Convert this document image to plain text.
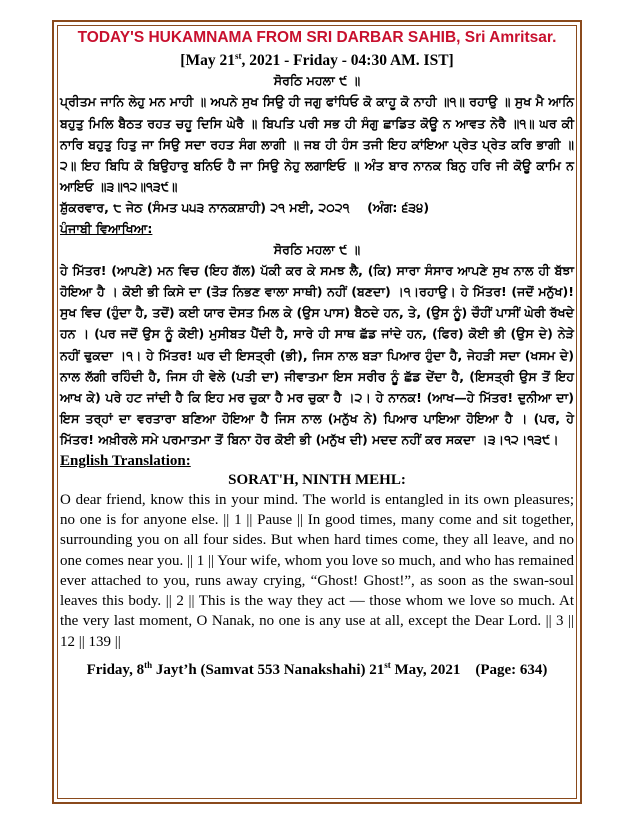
TODAY'S HUKAMNAMA FROM SRI DARBAR SAHIB, Sri Amritsar.

[May 21st, 2021 - Friday - 04:30 AM. IST]

ਸੋਰਠਿ ਮਹਲਾ ੯ ॥

ਪ੍ਰੀਤਮ ਜਾਨਿ ਲੇਹੁ ਮਨ ਮਾਹੀ ॥ ਅਪਨੇ ਸੁਖ ਸਿਉ ਹੀ ਜਗੁ ਫਾਂਧਿਓ ਕੋ ਕਾਹੂ ਕੋ ਨਾਹੀ ॥੧॥ ਰਹਾਉ ॥ ਸੁਖ ਮੈ ਆਨਿ ਬਹੁਤੁ ਮਿਲਿ ਬੈਠਤ ਰਹਤ ਚਹੂ ਦਿਸਿ ਘੇਰੈ ॥ ਬਿਪਤਿ ਪਰੀ ਸਭ ਹੀ ਸੰਗੁ ਛਾਡਿਤ ਕੋਊ ਨ ਆਵਤ ਨੇਰੈ ॥੧॥ ਘਰ ਕੀ ਨਾਰਿ ਬਹੁਤੁ ਹਿਤੁ ਜਾ ਸਿਉ ਸਦਾ ਰਹਤ ਸੰਗ ਲਾਗੀ ॥ ਜਬ ਹੀ ਹੰਸ ਤਜੀ ਇਹ ਕਾਂਇਆ ਪ੍ਰੇਤ ਪ੍ਰੇਤ ਕਰਿ ਭਾਗੀ ॥੨॥ ਇਹ ਬਿਧਿ ਕੋ ਬਿਉਹਾਰੁ ਬਨਿਓ ਹੈ ਜਾ ਸਿਉ ਨੇਹੁ ਲਗਾਇਓ ॥ ਅੰਤ ਬਾਰ ਨਾਨਕ ਬਿਨੁ ਹਰਿ ਜੀ ਕੋਊ ਕਾਮਿ ਨ ਆਇਓ ॥੩॥੧੨॥੧੩੯॥

ਸ਼ੁੱਕਰਵਾਰ, ੮ ਜੇਠ (ਸੰਮਤ ੫੫੩ ਨਾਨਕਸ਼ਾਹੀ) ੨੧ ਮਈ, ੨੦੨੧ (ਅੰਗ: ੬੩੪)

ਪੰਜਾਬੀ ਵਿਆਖਿਆ:

ਸੋਰਠਿ ਮਹਲਾ ੯ ॥

ਹੇ ਮਿੱਤਰ! (ਆਪਣੇ) ਮਨ ਵਿਚ (ਇਹ ਗੱਲ) ਪੱਕੀ ਕਰ ਕੇ ਸਮਝ ਲੈ, (ਕਿ) ਸਾਰਾ ਸੰਸਾਰ ਆਪਣੇ ਸੁਖ ਨਾਲ ਹੀ ਬੱਝਾ ਹੋਇਆ ਹੈ । ਕੋਈ ਭੀ ਕਿਸੇ ਦਾ (ਤੋੜ ਨਿਭਣ ਵਾਲਾ ਸਾਥੀ) ਨਹੀਂ (ਬਣਦਾ) ।੧।ਰਹਾਉ। ਹੇ ਮਿੱਤਰ! (ਜਦੋਂ ਮਨੁੱਖ)! ਸੁਖ ਵਿਚ (ਹੁੰਦਾ ਹੈ, ਤਦੋਂ) ਕਈ ਯਾਰ ਦੋਸਤ ਮਿਲ ਕੇ (ਉਸ ਪਾਸ) ਬੈਠਦੇ ਹਨ, ਤੇ, (ਉਸ ਨੂੰ) ਚੌਹੀਂ ਪਾਸੀਂ ਘੇਰੀ ਰੱਖਦੇ ਹਨ । (ਪਰ ਜਦੋਂ ਉਸ ਨੂੰ ਕੋਈ) ਮੁਸੀਬਤ ਪੈਂਦੀ ਹੈ, ਸਾਰੇ ਹੀ ਸਾਥ ਛੱਡ ਜਾਂਦੇ ਹਨ, (ਫਿਰ) ਕੋਈ ਭੀ (ਉਸ ਦੇ) ਨੇੜੇ ਨਹੀਂ ਢੁਕਦਾ ।੧। ਹੇ ਮਿੱਤਰ! ਘਰ ਦੀ ਇਸਤ੍ਰੀ (ਭੀ), ਜਿਸ ਨਾਲ ਬੜਾ ਪਿਆਰ ਹੁੰਦਾ ਹੈ, ਜੇਹੜੀ ਸਦਾ (ਖਸਮ ਦੇ) ਨਾਲ ਲੱਗੀ ਰਹਿੰਦੀ ਹੈ, ਜਿਸ ਹੀ ਵੇਲੇ (ਪਤੀ ਦਾ) ਜੀਵਾਤਮਾ ਇਸ ਸਰੀਰ ਨੂੰ ਛੱਡ ਦੇਂਦਾ ਹੈ, (ਇਸਤ੍ਰੀ ਉਸ ਤੋਂ ਇਹ ਆਖ ਕੇ) ਪਰੇ ਹਟ ਜਾਂਦੀ ਹੈ ਕਿ ਇਹ ਮਰ ਚੁਕਾ ਹੈ ਮਰ ਚੁਕਾ ਹੈ ।੨। ਹੇ ਨਾਨਕ! (ਆਖ—ਹੇ ਮਿੱਤਰ! ਦੁਨੀਆ ਦਾ) ਇਸ ਤਰ੍ਹਾਂ ਦਾ ਵਰਤਾਰਾ ਬਣਿਆ ਹੋਇਆ ਹੈ ਜਿਸ ਨਾਲ (ਮਨੁੱਖ ਨੇ) ਪਿਆਰ ਪਾਇਆ ਹੋਇਆ ਹੈ । (ਪਰ, ਹੇ ਮਿੱਤਰ! ਅਖ਼ੀਰਲੇ ਸਮੇ ਪਰਮਾਤਮਾ ਤੋਂ ਬਿਨਾ ਹੋਰ ਕੋਈ ਭੀ (ਮਨੁੱਖ ਦੀ) ਮਦਦ ਨਹੀਂ ਕਰ ਸਕਦਾ ।੩।੧੨।੧੩੯।

English Translation:

SORAT'H, NINTH MEHL:

O dear friend, know this in your mind. The world is entangled in its own pleasures; no one is for anyone else. || 1 || Pause || In good times, many come and sit together, surrounding you on all four sides. But when hard times come, they all leave, and no one comes near you. || 1 || Your wife, whom you love so much, and who has remained ever attached to you, runs away crying, “Ghost! Ghost!”, as soon as the swan-soul leaves this body. || 2 || This is the way they act — those whom we love so much. At the very last moment, O Nanak, no one is any use at all, except the Dear Lord. || 3 || 12 || 139 ||

Friday, 8th Jayt’h (Samvat 553 Nanakshahi) 21st May, 2021 (Page: 634)
